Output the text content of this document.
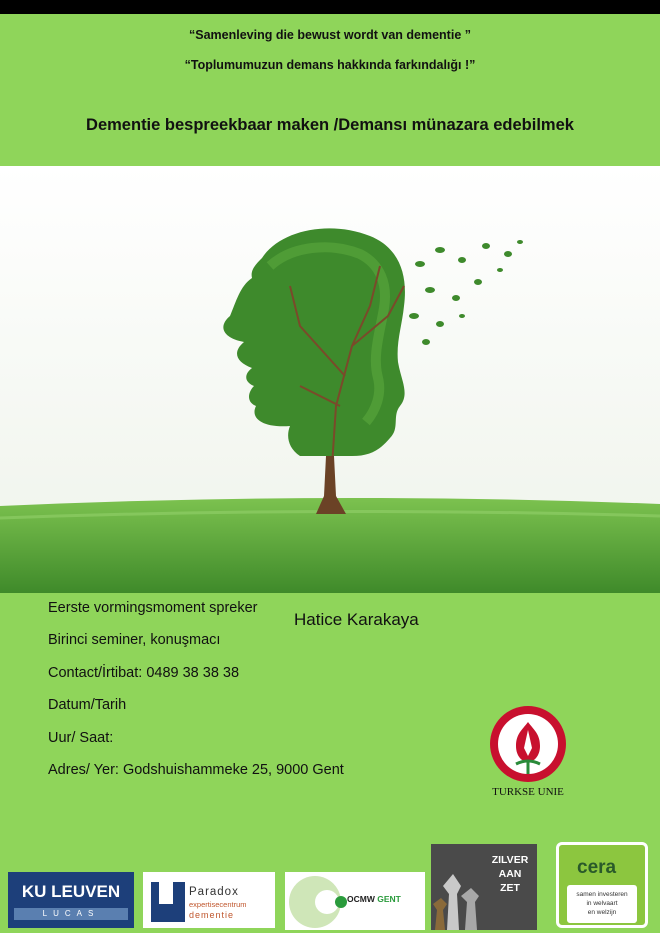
“Samenleving die bewust wordt van dementie ”
“Toplumumuzun demans hakkında farkındalığı !”
Dementie bespreekbaar maken /Demansı münazara edebilmek
Eerste vormingsmoment spreker
Birinci seminer, konuşmacı
Contact/İrtibat: 0489 38 38 38
Datum/Tarih
Uur/ Saat:
Adres/ Yer: Godshuishammeke 25, 9000 Gent
Hatice Karakaya
TURKSE UNIE
KU LEUVEN
LUCAS
Paradox
expertisecentrum
dementie
OCMW GENT
ZILVER
AAN
ZET
cera
samen investeren
in welvaart
en welzijn
